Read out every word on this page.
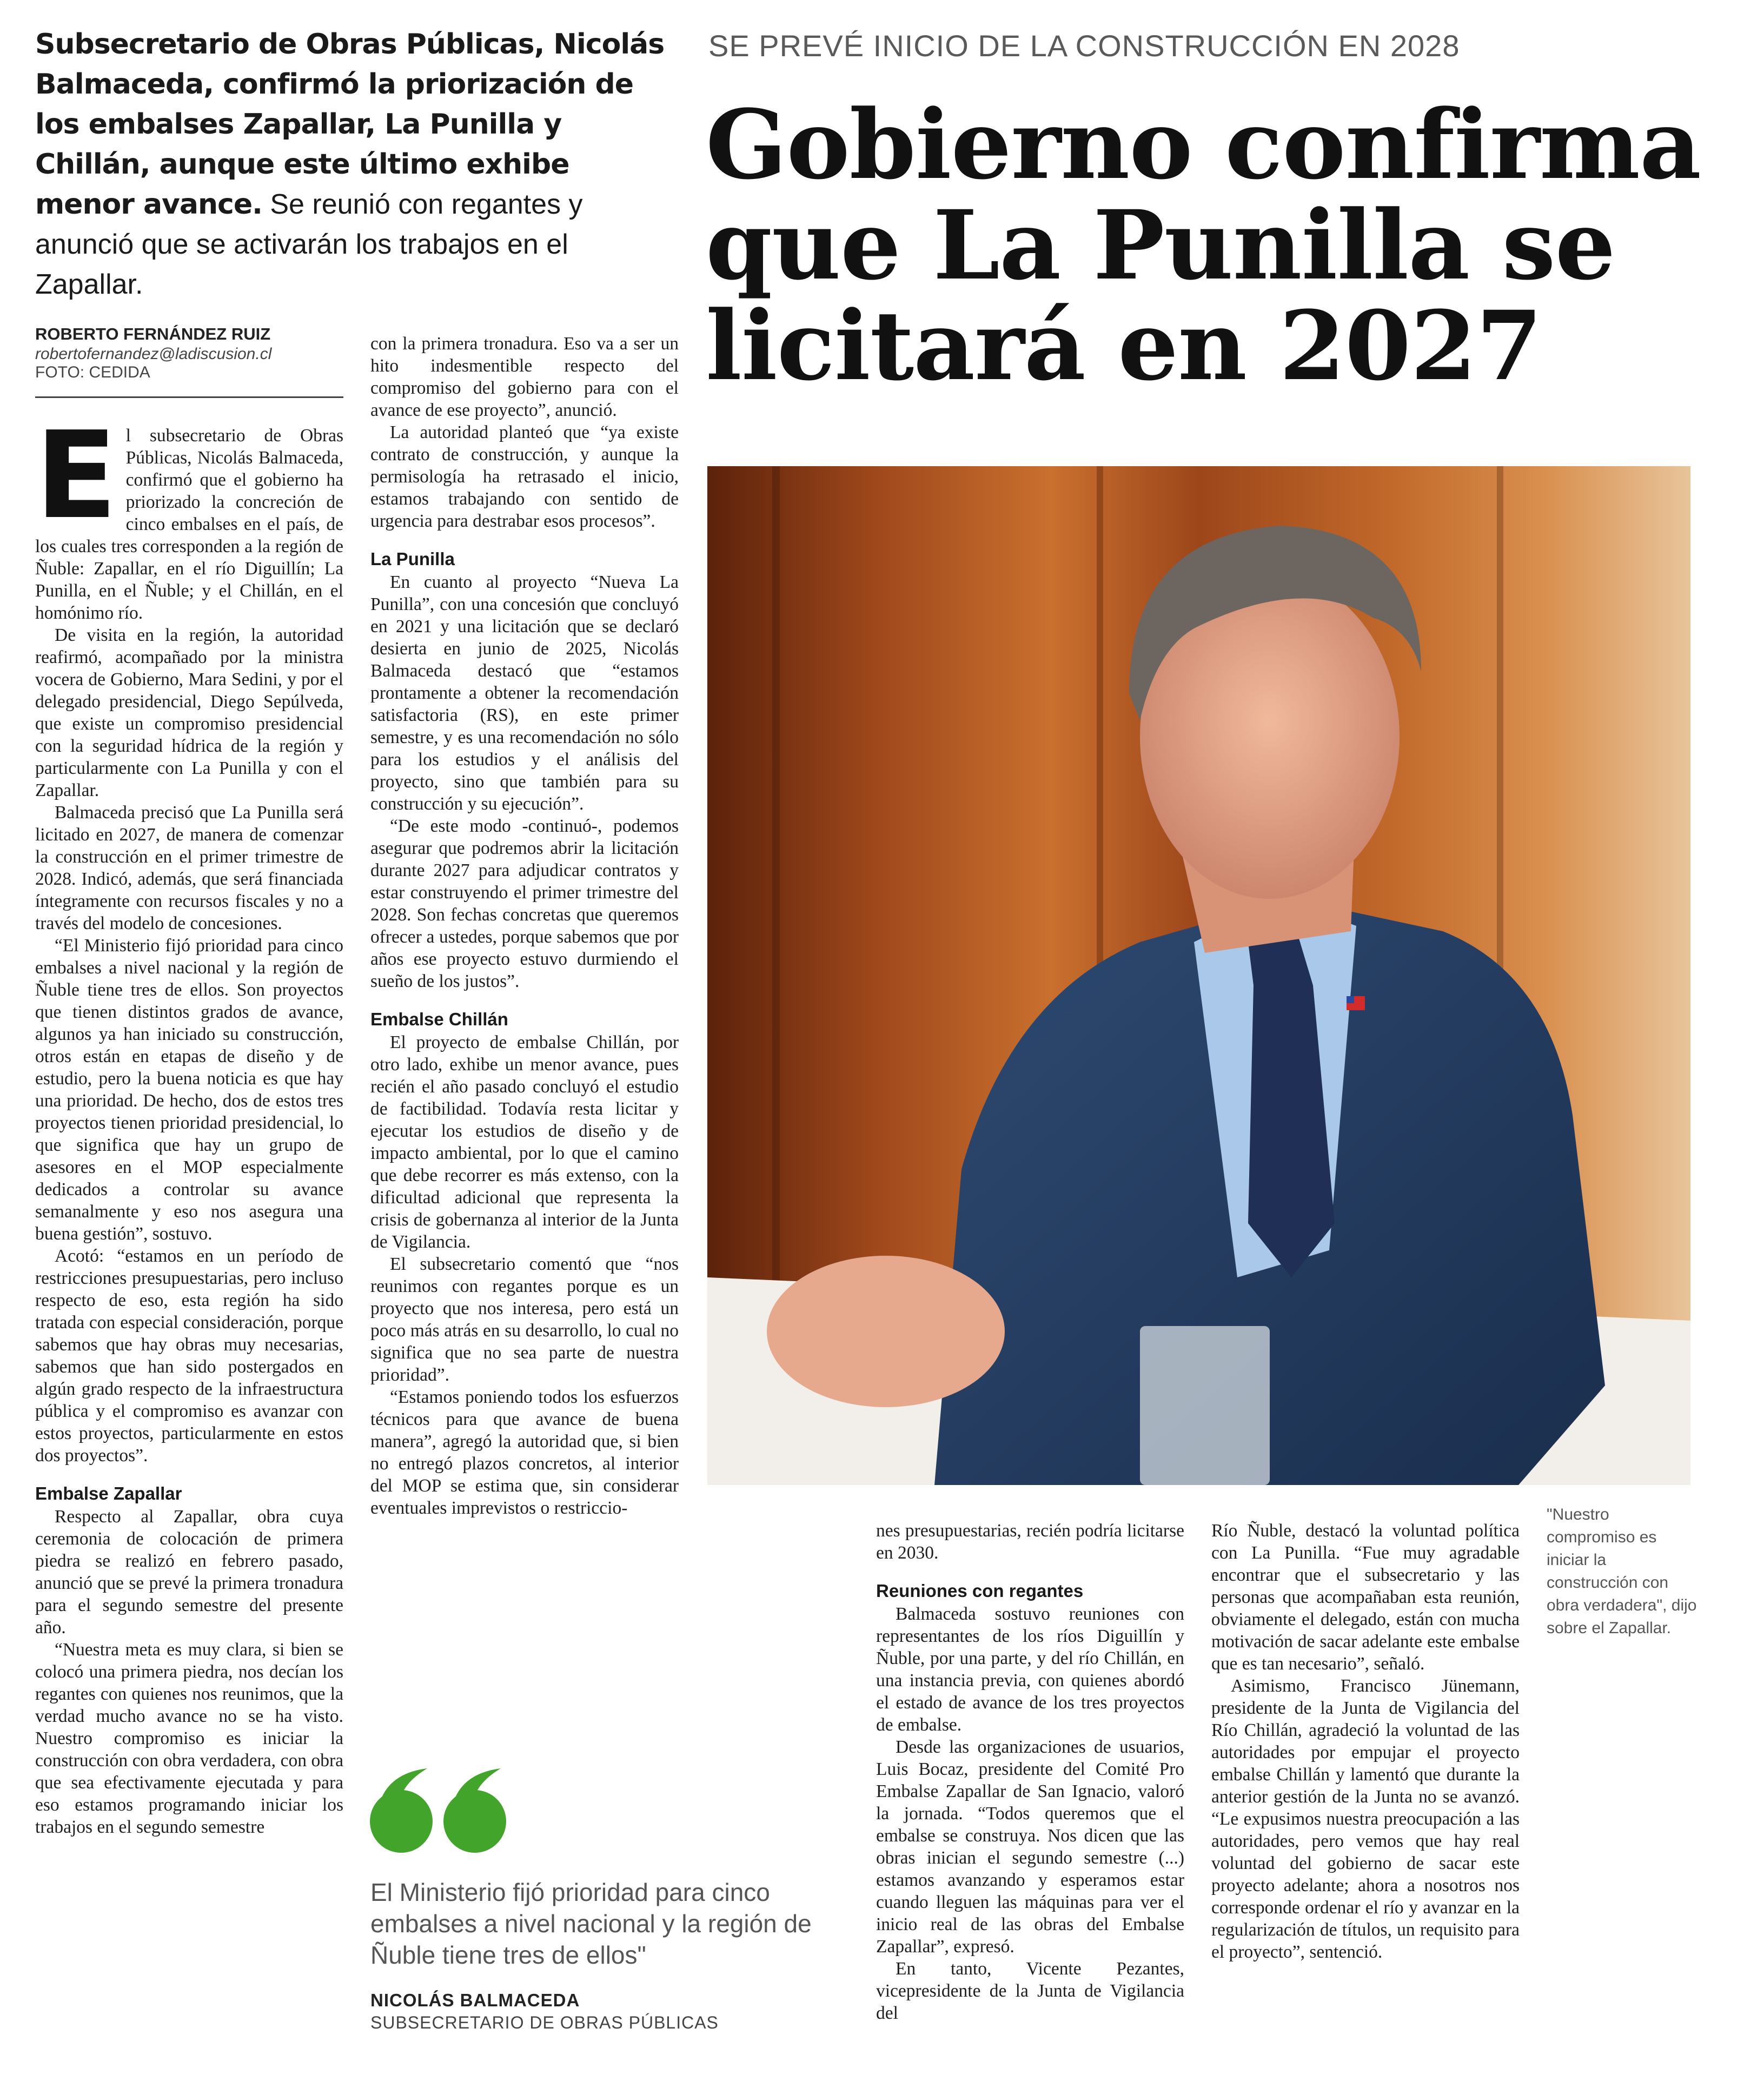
Subsecretario de Obras Públicas, Nicolás Balmaceda, confirmó la priorización de los embalses Zapallar, La Punilla y Chillán, aunque este último exhibe menor avance. Se reunió con regantes y anunció que se activarán los trabajos en el Zapallar.
SE PREVÉ INICIO DE LA CONSTRUCCIÓN EN 2028
Gobierno confirma que La Punilla se licitará en 2027
ROBERTO FERNÁNDEZ RUIZ
robertofernandez@ladiscusion.cl
FOTO: CEDIDA
E l subsecretario de Obras Públicas, Nicolás Balmaceda, confirmó que el gobierno ha priorizado la concreción de cinco embalses en el país, de los cuales tres corresponden a la región de Ñuble: Zapallar, en el río Diguillín; La Punilla, en el Ñuble; y el Chillán, en el homónimo río.

De visita en la región, la autoridad reafirmó, acompañado por la ministra vocera de Gobierno, Mara Sedini, y por el delegado presidencial, Diego Sepúlveda, que existe un compromiso presidencial con la seguridad hídrica de la región y particularmente con La Punilla y con el Zapallar.

Balmaceda precisó que La Punilla será licitado en 2027, de manera de comenzar la construcción en el primer trimestre de 2028. Indicó, además, que será financiada íntegramente con recursos fiscales y no a través del modelo de concesiones.

“El Ministerio fijó prioridad para cinco embalses a nivel nacional y la región de Ñuble tiene tres de ellos. Son proyectos que tienen distintos grados de avance, algunos ya han iniciado su construcción, otros están en etapas de diseño y de estudio, pero la buena noticia es que hay una prioridad. De hecho, dos de estos tres proyectos tienen prioridad presidencial, lo que significa que hay un grupo de asesores en el MOP especialmente dedicados a controlar su avance semanalmente y eso nos asegura una buena gestión”, sostuvo.

Acotó: “estamos en un período de restricciones presupuestarias, pero incluso respecto de eso, esta región ha sido tratada con especial consideración, porque sabemos que hay obras muy necesarias, sabemos que han sido postergados en algún grado respecto de la infraestructura pública y el compromiso es avanzar con estos proyectos, particularmente en estos dos proyectos”.

Embalse Zapallar

Respecto al Zapallar, obra cuya ceremonia de colocación de primera piedra se realizó en febrero pasado, anunció que se prevé la primera tronadura para el segundo semestre del presente año.

“Nuestra meta es muy clara, si bien se colocó una primera piedra, nos decían los regantes con quienes nos reunimos, que la verdad mucho avance no se ha visto. Nuestro compromiso es iniciar la construcción con obra verdadera, con obra que sea efectivamente ejecutada y para eso estamos programando iniciar los trabajos en el segundo semestre

con la primera tronadura. Eso va a ser un hito indesmentible respecto del compromiso del gobierno para con el avance de ese proyecto”, anunció.

La autoridad planteó que “ya existe contrato de construcción, y aunque la permisología ha retrasado el inicio, estamos trabajando con sentido de urgencia para destrabar esos procesos”.

La Punilla

En cuanto al proyecto “Nueva La Punilla”, con una concesión que concluyó en 2021 y una licitación que se declaró desierta en junio de 2025, Nicolás Balmaceda destacó que “estamos prontamente a obtener la recomendación satisfactoria (RS), en este primer semestre, y es una recomendación no sólo para los estudios y el análisis del proyecto, sino que también para su construcción y su ejecución”.

“De este modo -continuó-, podemos asegurar que podremos abrir la licitación durante 2027 para adjudicar contratos y estar construyendo el primer trimestre del 2028. Son fechas concretas que queremos ofrecer a ustedes, porque sabemos que por años ese proyecto estuvo durmiendo el sueño de los justos”.

Embalse Chillán

El proyecto de embalse Chillán, por otro lado, exhibe un menor avance, pues recién el año pasado concluyó el estudio de factibilidad. Todavía resta licitar y ejecutar los estudios de diseño y de impacto ambiental, por lo que el camino que debe recorrer es más extenso, con la dificultad adicional que representa la crisis de gobernanza al interior de la Junta de Vigilancia.

El subsecretario comentó que “nos reunimos con regantes porque es un proyecto que nos interesa, pero está un poco más atrás en su desarrollo, lo cual no significa que no sea parte de nuestra prioridad”.

“Estamos poniendo todos los esfuerzos técnicos para que avance de buena manera”, agregó la autoridad que, si bien no entregó plazos concretos, al interior del MOP se estima que, sin considerar eventuales imprevistos o restriccio-

nes presupuestarias, recién podría licitarse en 2030.

Reuniones con regantes

Balmaceda sostuvo reuniones con representantes de los ríos Diguillín y Ñuble, por una parte, y del río Chillán, en una instancia previa, con quienes abordó el estado de avance de los tres proyectos de embalse.

Desde las organizaciones de usuarios, Luis Bocaz, presidente del Comité Pro Embalse Zapallar de San Ignacio, valoró la jornada. “Todos queremos que el embalse se construya. Nos dicen que las obras inician el segundo semestre (...) estamos avanzando y esperamos estar cuando lleguen las máquinas para ver el inicio real de las obras del Embalse Zapallar”, expresó.

En tanto, Vicente Pezantes, vicepresidente de la Junta de Vigilancia del

Río Ñuble, destacó la voluntad política con La Punilla. “Fue muy agradable encontrar que el subsecretario y las personas que acompañaban esta reunión, obviamente el delegado, están con mucha motivación de sacar adelante este embalse que es tan necesario”, señaló.

Asimismo, Francisco Jünemann, presidente de la Junta de Vigilancia del Río Chillán, agradeció la voluntad de las autoridades por empujar el proyecto embalse Chillán y lamentó que durante la anterior gestión de la Junta no se avanzó. “Le expusimos nuestra preocupación a las autoridades, pero vemos que hay real voluntad del gobierno de sacar este proyecto adelante; ahora a nosotros nos corresponde ordenar el río y avanzar en la regularización de títulos, un requisito para el proyecto”, sentenció.

"Nuestro compromiso es iniciar la construcción con obra verdadera", dijo sobre el Zapallar.
El Ministerio fijó prioridad para cinco embalses a nivel nacional y la región de Ñuble tiene tres de ellos"
NICOLÁS BALMACEDA
SUBSECRETARIO DE OBRAS PÚBLICAS
